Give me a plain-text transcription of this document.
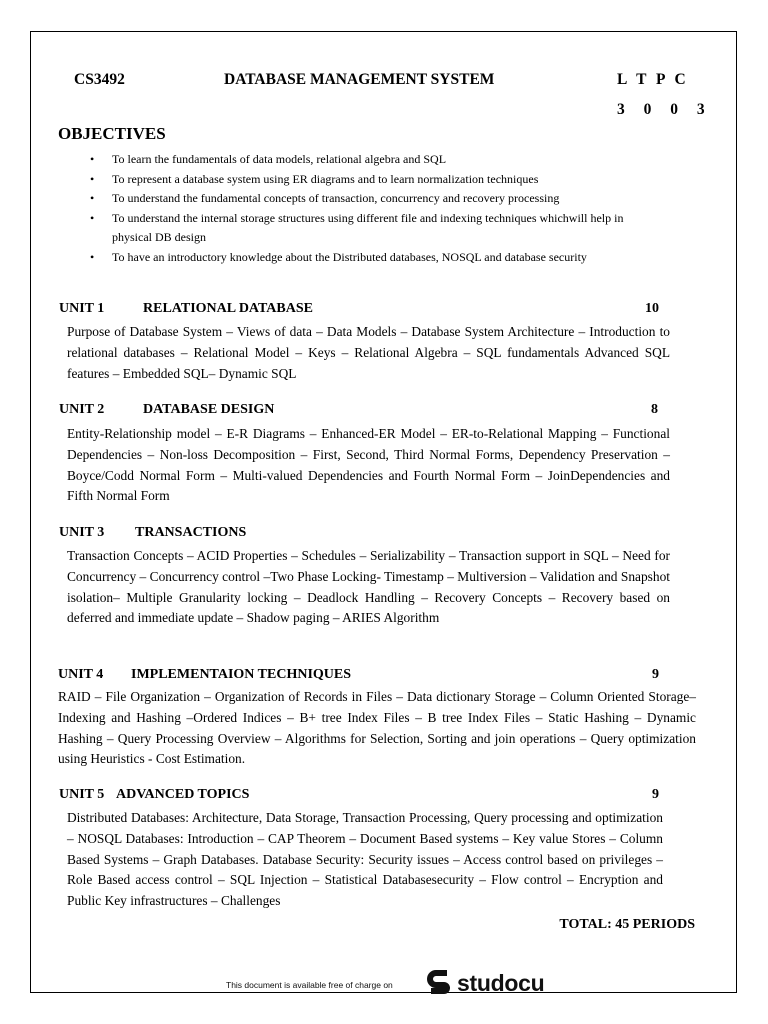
CS3492	DATABASE MANAGEMENT SYSTEM	L T P C
3 0 0 3
OBJECTIVES
• To learn the fundamentals of data models, relational algebra and SQL
• To represent a database system using ER diagrams and to learn normalization techniques
• To understand the fundamental concepts of transaction, concurrency and recovery processing
• To understand the internal storage structures using different file and indexing techniques whichwill help in physical DB design
• To have an introductory knowledge about the Distributed databases, NOSQL and database security
UNIT 1	RELATIONAL DATABASE	10
Purpose of Database System – Views of data – Data Models – Database System Architecture – Introduction to relational databases – Relational Model – Keys – Relational Algebra – SQL fundamentals Advanced SQL features – Embedded SQL– Dynamic SQL
UNIT 2	DATABASE DESIGN	8
Entity-Relationship model – E-R Diagrams – Enhanced-ER Model – ER-to-Relational Mapping – Functional Dependencies – Non-loss Decomposition – First, Second, Third Normal Forms, Dependency Preservation – Boyce/Codd Normal Form – Multi-valued Dependencies and Fourth Normal Form – JoinDependencies and Fifth Normal Form
UNIT 3 TRANSACTIONS
Transaction Concepts – ACID Properties – Schedules – Serializability – Transaction support in SQL – Need for Concurrency – Concurrency control –Two Phase Locking- Timestamp – Multiversion – Validation and Snapshot isolation– Multiple Granularity locking – Deadlock Handling – Recovery Concepts – Recovery based on deferred and immediate update – Shadow paging – ARIES Algorithm
UNIT 4 IMPLEMENTAION TECHNIQUES	9
RAID – File Organization – Organization of Records in Files – Data dictionary Storage – Column Oriented Storage– Indexing and Hashing –Ordered Indices – B+ tree Index Files – B tree Index Files – Static Hashing – Dynamic Hashing – Query Processing Overview – Algorithms for Selection, Sorting and join operations – Query optimization using Heuristics - Cost Estimation.
UNIT 5 ADVANCED TOPICS	9
Distributed Databases: Architecture, Data Storage, Transaction Processing, Query processing and optimization – NOSQL Databases: Introduction – CAP Theorem – Document Based systems – Key value Stores – Column Based Systems – Graph Databases. Database Security: Security issues – Access control based on privileges – Role Based access control – SQL Injection – Statistical Databasesecurity – Flow control – Encryption and Public Key infrastructures – Challenges
TOTAL: 45 PERIODS
This document is available free of charge on	studocu
